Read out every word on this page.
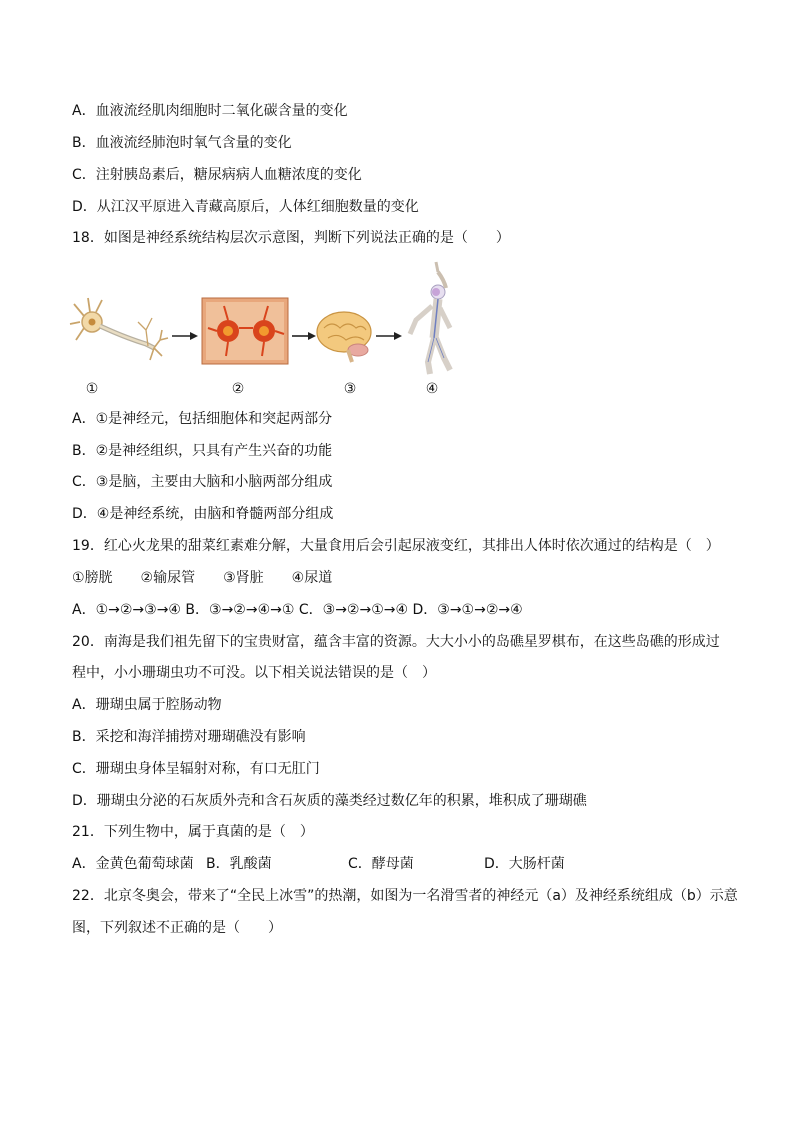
A．血液流经肌肉细胞时二氧化碳含量的变化
B．血液流经肺泡时氧气含量的变化
C．注射胰岛素后，糖尿病病人血糖浓度的变化
D．从江汉平原进入青藏高原后，人体红细胞数量的变化
18．如图是神经系统结构层次示意图，判断下列说法正确的是（　　）
①	②	③	④
A．①是神经元，包括细胞体和突起两部分
B．②是神经组织，只具有产生兴奋的功能
C．③是脑，主要由大脑和小脑两部分组成
D．④是神经系统，由脑和脊髓两部分组成
19．红心火龙果的甜菜红素难分解，大量食用后会引起尿液变红，其排出人体时依次通过的结构是（　）
①膀胱　　②输尿管　　③肾脏　　④尿道
A．①→②→③→④ B．③→②→④→① C．③→②→①→④ D．③→①→②→④
20．南海是我们祖先留下的宝贵财富，蕴含丰富的资源。大大小小的岛礁星罗棋布，在这些岛礁的形成过
程中，小小珊瑚虫功不可没。以下相关说法错误的是（　）
A．珊瑚虫属于腔肠动物
B．采挖和海洋捕捞对珊瑚礁没有影响
C．珊瑚虫身体呈辐射对称，有口无肛门
D．珊瑚虫分泌的石灰质外壳和含石灰质的藻类经过数亿年的积累，堆积成了珊瑚礁
21．下列生物中，属于真菌的是（　）
A．金黄色葡萄球菌 B．乳酸菌	C．酵母菌	D．大肠杆菌
22．北京冬奥会，带来了“全民上冰雪”的热潮，如图为一名滑雪者的神经元（a）及神经系统组成（b）示意
图，下列叙述不正确的是（　　）
